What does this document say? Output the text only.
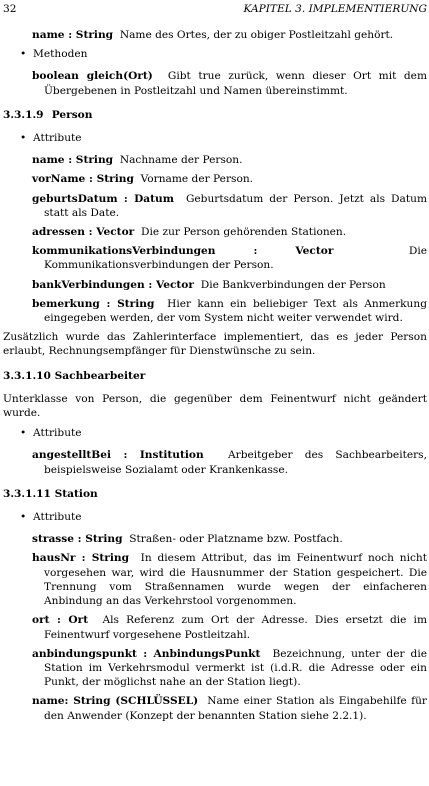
32	KAPITEL 3. IMPLEMENTIERUNG
name : String Name des Ortes, der zu obiger Postleitzahl gehört.
• Methoden
boolean gleich(Ort) Gibt true zurück, wenn dieser Ort mit dem Übergebenen in Postleitzahl und Namen übereinstimmt.
3.3.1.9 Person
• Attribute
name : String Nachname der Person.
vorName : String Vorname der Person.
geburtsDatum : Datum Geburtsdatum der Person. Jetzt als Datum statt als Date.
adressen : Vector Die zur Person gehörenden Stationen.
kommunikationsVerbindungen : Vector	Die Kommunikationsverbindungen der Person.
bankVerbindungen : Vector Die Bankverbindungen der Person
bemerkung : String Hier kann ein beliebiger Text als Anmerkung eingegeben werden, der vom System nicht weiter verwendet wird.
Zusätzlich wurde das Zahlerinterface implementiert, das es jeder Person erlaubt, Rechnungsempfänger für Dienstwünsche zu sein.
3.3.1.10 Sachbearbeiter
Unterklasse von Person, die gegenüber dem Feinentwurf nicht geändert wurde.
• Attribute
angestelltBei : Institution Arbeitgeber des Sachbearbeiters, beispielsweise Sozialamt oder Krankenkasse.
3.3.1.11 Station
• Attribute
strasse : String Straßen- oder Platzname bzw. Postfach.
hausNr : String In diesem Attribut, das im Feinentwurf noch nicht vorgesehen war, wird die Hausnummer der Station gespeichert. Die Trennung vom Straßennamen wurde wegen der einfacheren Anbindung an das Verkehrstool vorgenommen.
ort : Ort Als Referenz zum Ort der Adresse. Dies ersetzt die im Feinentwurf vorgesehene Postleitzahl.
anbindungspunkt : AnbindungsPunkt Bezeichnung, unter der die Station im Verkehrsmodul vermerkt ist (i.d.R. die Adresse oder ein Punkt, der möglichst nahe an der Station liegt).
name: String (SCHLÜSSEL) Name einer Station als Eingabehilfe für den Anwender (Konzept der benannten Station siehe 2.2.1).
